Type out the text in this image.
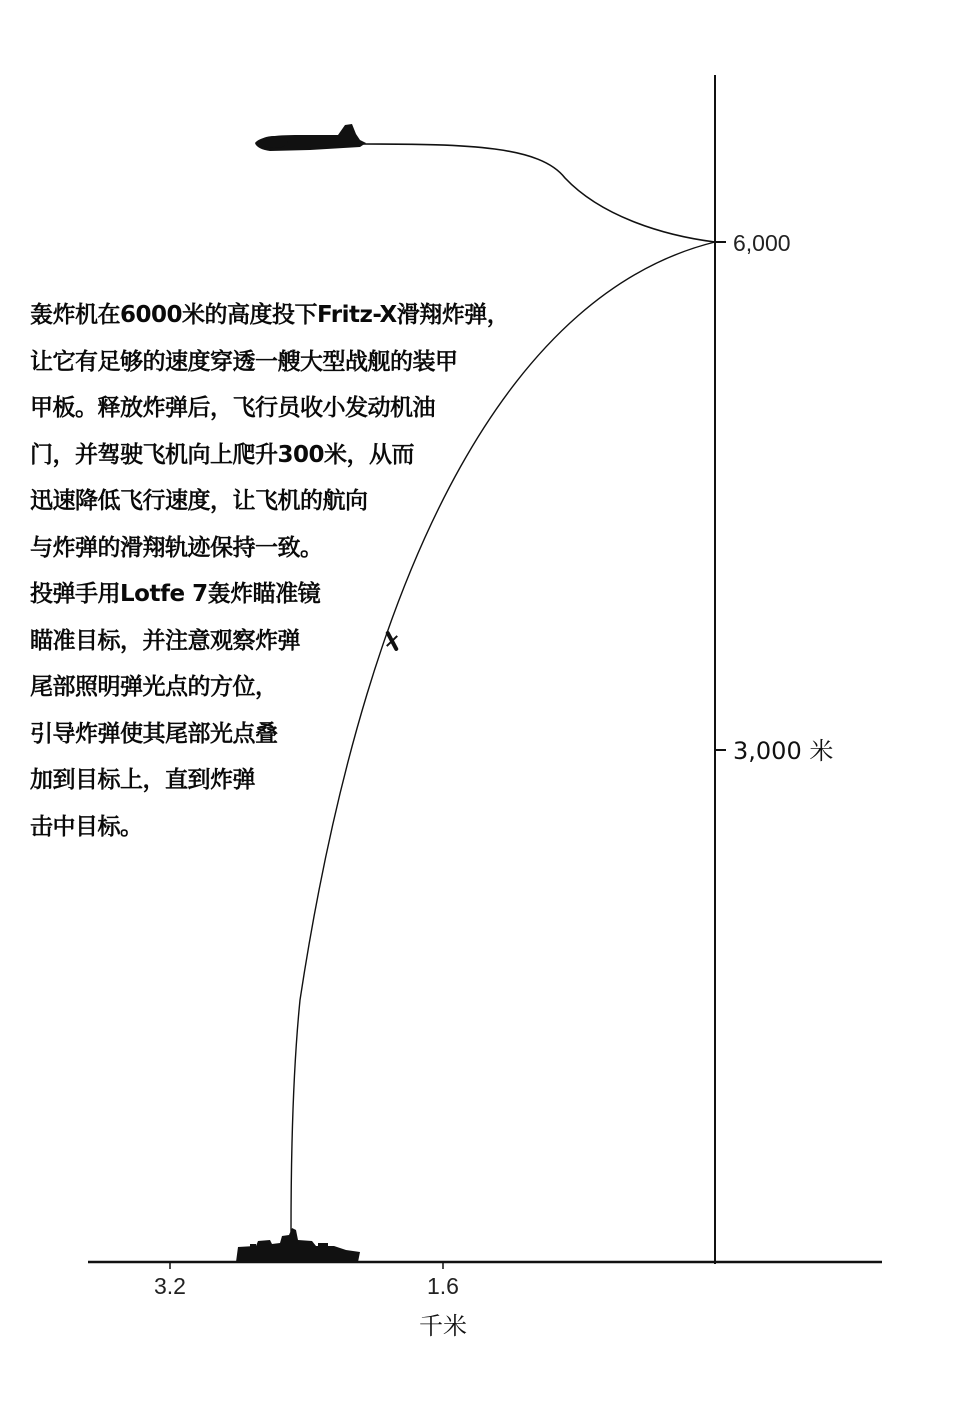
6,000
3,000 米
3.2	1.6
千米
轰炸机在6000米的高度投下Fritz-X滑翔炸弹，
让它有足够的速度穿透一艘大型战舰的装甲
甲板。释放炸弹后，飞行员收小发动机油
门，并驾驶飞机向上爬升300米，从而
迅速降低飞行速度，让飞机的航向
与炸弹的滑翔轨迹保持一致。
投弹手用Lotfe 7轰炸瞄准镜
瞄准目标，并注意观察炸弹
尾部照明弹光点的方位，
引导炸弹使其尾部光点叠
加到目标上，直到炸弹
击中目标。
